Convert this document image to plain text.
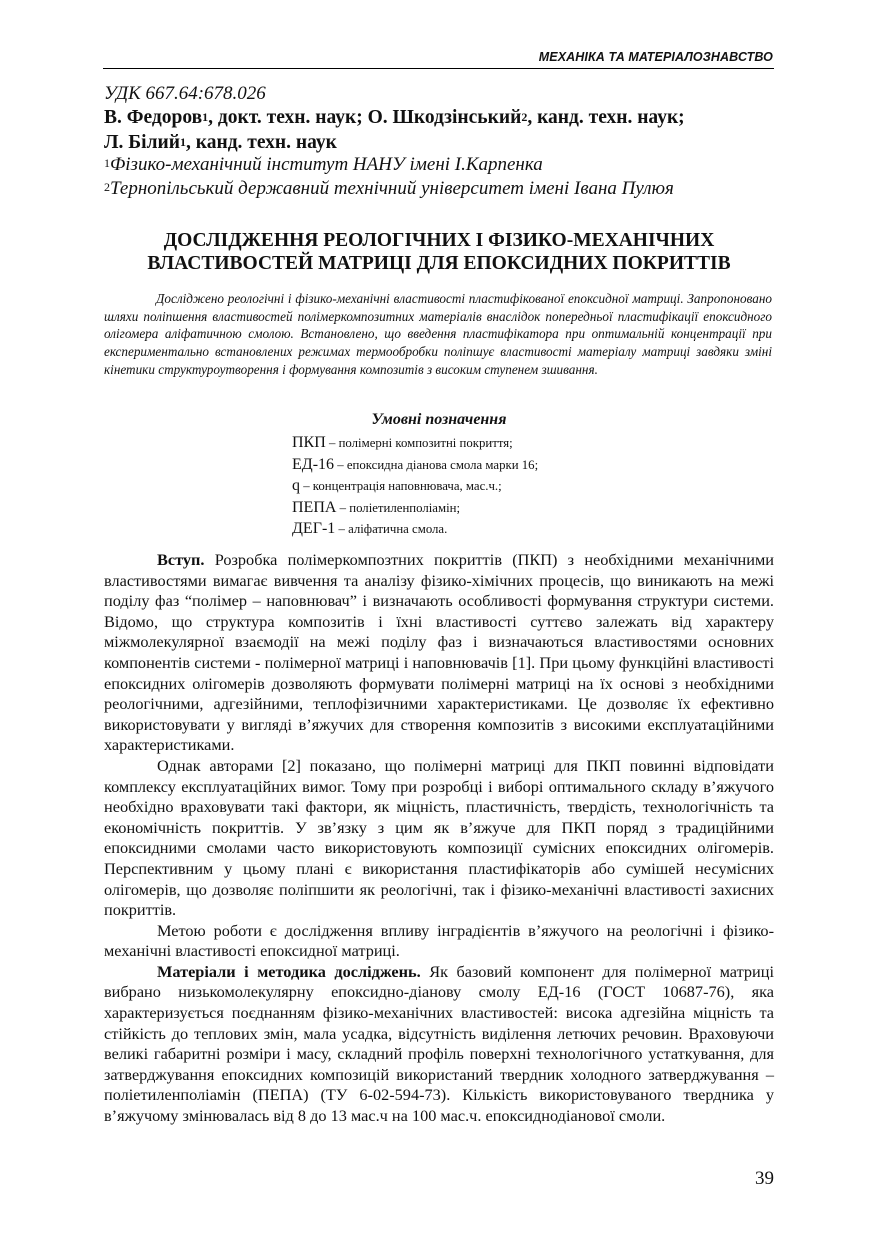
МЕХАНІКА ТА МАТЕРІАЛОЗНАВСТВО
УДК 667.64:678.026
В. Федоров$^1$, докт. техн. наук; О. Шкодзінський$^2$, канд. техн. наук;
Л. Білий$^1$, канд. техн. наук
$^1$Фізико-механічний інститут НАНУ імені І.Карпенка
$^2$Тернопільський державний технічний університет імені Івана Пулюя
ДОСЛІДЖЕННЯ РЕОЛОГІЧНИХ І ФІЗИКО-МЕХАНІЧНИХ
ВЛАСТИВОСТЕЙ МАТРИЦІ ДЛЯ ЕПОКСИДНИХ ПОКРИТТІВ
Досліджено реологічні і фізико-механічні властивості пластифікованої епоксидної матриці. Запропоновано шляхи поліпшення властивостей полімеркомпозитних матеріалів внаслідок попередньої пластифікації епоксидного олігомера аліфатичною смолою. Встановлено, що введення пластифікатора при оптимальній концентрації при експериментально встановлених режимах термообробки поліпшує властивості матеріалу матриці завдяки зміні кінетики структуроутворення і формування композитів з високим ступенем зшивання.
Умовні позначення
ПКП – полімерні композитні покриття;
ЕД-16 – епоксидна діанова смола марки 16;
q – концентрація наповнювача, мас.ч.;
ПЕПА – поліетиленполіамін;
ДЕГ-1 – аліфатична смола.

Вступ. Розробка полімеркомпозтних покриттів (ПКП) з необхідними механічними властивостями вимагає вивчення та аналізу фізико-хімічних процесів, що виникають на межі поділу фаз “полімер – наповнювач” і визначають особливості формування структури системи. Відомо, що структура композитів і їхні властивості суттєво залежать від характеру міжмолекулярної взаємодії на межі поділу фаз і визначаються властивостями основних компонентів системи - полімерної матриці і наповнювачів [1]. При цьому функційні властивості епоксидних олігомерів дозволяють формувати полімерні матриці на їх основі з необхідними реологічними, адгезійними, теплофізичними характеристиками. Це дозволяє їх ефективно використовувати у вигляді в’яжучих для створення композитів з високими експлуатаційними характеристиками.

Однак авторами [2] показано, що полімерні матриці для ПКП повинні відповідати комплексу експлуатаційних вимог. Тому при розробці і виборі оптимального складу в’яжучого необхідно враховувати такі фактори, як міцність, пластичність, твердість, технологічність та економічність покриттів. У зв’язку з цим як в’яжуче для ПКП поряд з традиційними епоксидними смолами часто використовують композиції сумісних епоксидних олігомерів. Перспективним у цьому плані є використання пластифікаторів або сумішей несумісних олігомерів, що дозволяє поліпшити як реологічні, так і фізико-механічні властивості захисних покриттів.

Метою роботи є дослідження впливу інградієнтів в’яжучого на реологічні і фізико-механічні властивості епоксидної матриці.

Матеріали і методика досліджень. Як базовий компонент для полімерної матриці вибрано низькомолекулярну епоксидно-діанову смолу ЕД-16 (ГОСТ 10687-76), яка характеризується поєднанням фізико-механічних властивостей: висока адгезійна міцність та стійкість до теплових змін, мала усадка, відсутність виділення летючих речовин. Враховуючи великі габаритні розміри і масу, складний профіль поверхні технологічного устаткування, для затверджування епоксидних композицій використаний твердник холодного затверджування – поліетиленполіамін (ПЕПА) (ТУ 6-02-594-73). Кількість використовуваного твердника у в’яжучому змінювалась від 8 до 13 мас.ч на 100 мас.ч. епоксиднодіанової смоли.

39
